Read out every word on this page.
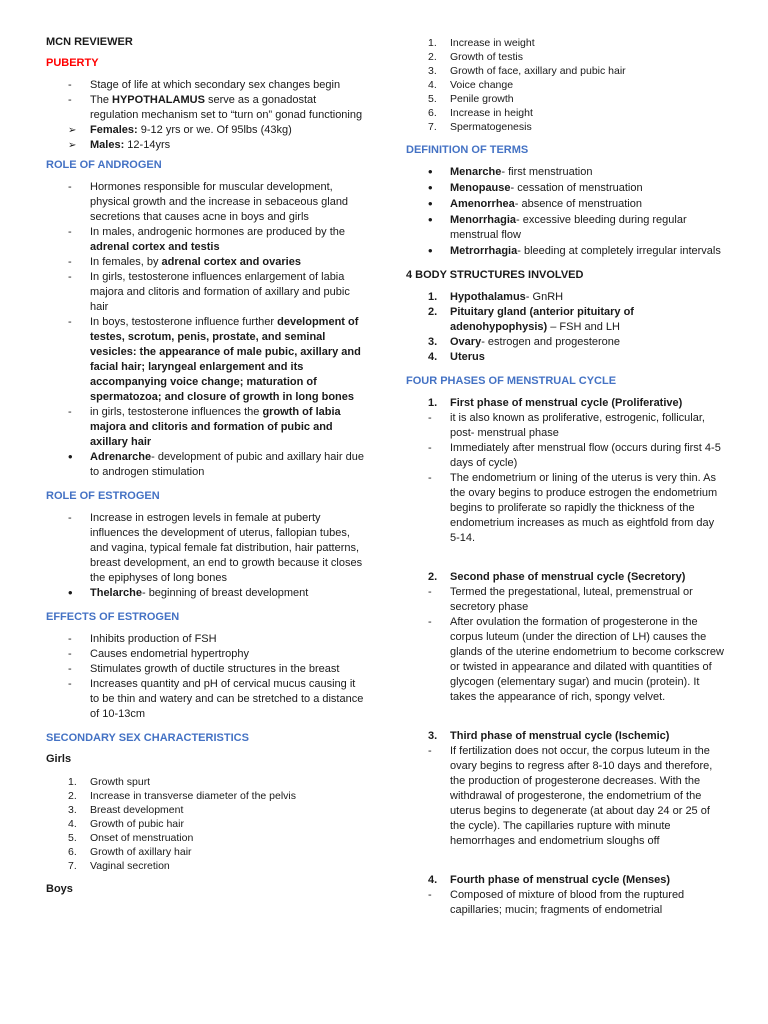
MCN REVIEWER
PUBERTY
-	Stage of life at which secondary sex changes begin
-	The HYPOTHALAMUS serve as a gonadostat regulation mechanism set to “turn on” gonad functioning
➢	Females: 9-12 yrs or we. Of 95lbs (43kg)
➢	Males: 12-14yrs
ROLE OF ANDROGEN
-	Hormones responsible for muscular development, physical growth and the increase in sebaceous gland secretions that causes acne in boys and girls
-	In males, androgenic hormones are produced by the adrenal cortex and testis
-	In females, by adrenal cortex and ovaries
-	In girls, testosterone influences enlargement of labia majora and clitoris and formation of axillary and pubic hair
-	In boys, testosterone influence further development of testes, scrotum, penis, prostate, and seminal vesicles: the appearance of male pubic, axillary and facial hair; laryngeal enlargement and its accompanying voice change; maturation of spermatozoa; and closure of growth in long bones
-	in girls, testosterone influences the growth of labia majora and clitoris and formation of pubic and axillary hair
•	Adrenarche- development of pubic and axillary hair due to androgen stimulation
ROLE OF ESTROGEN
-	Increase in estrogen levels in female at puberty influences the development of uterus, fallopian tubes, and vagina, typical female fat distribution, hair patterns, breast development, an end to growth because it closes the epiphyses of long bones
•	Thelarche- beginning of breast development
EFFECTS OF ESTROGEN
-	Inhibits production of FSH
-	Causes endometrial hypertrophy
-	Stimulates growth of ductile structures in the breast
-	Increases quantity and pH of cervical mucus causing it to be thin and watery and can be stretched to a distance of 10-13cm
SECONDARY SEX CHARACTERISTICS
Girls
1.	Growth spurt
2.	Increase in transverse diameter of the pelvis
3.	Breast development
4.	Growth of pubic hair
5.	Onset of menstruation
6.	Growth of axillary hair
7.	Vaginal secretion
Boys
1.	Increase in weight
2.	Growth of testis
3.	Growth of face, axillary and pubic hair
4.	Voice change
5.	Penile growth
6.	Increase in height
7.	Spermatogenesis
DEFINITION OF TERMS
•	Menarche- first menstruation
•	Menopause- cessation of menstruation
•	Amenorrhea- absence of menstruation
•	Menorrhagia- excessive bleeding during regular menstrual flow
•	Metrorrhagia- bleeding at completely irregular intervals
4 BODY STRUCTURES INVOLVED
1.	Hypothalamus- GnRH
2.	Pituitary gland (anterior pituitary of adenohypophysis) – FSH and LH
3.	Ovary- estrogen and progesterone
4.	Uterus
FOUR PHASES OF MENSTRUAL CYCLE
1.	First phase of menstrual cycle (Proliferative)
-	it is also known as proliferative, estrogenic, follicular, post- menstrual phase
-	Immediately after menstrual flow (occurs during first 4-5 days of cycle)
-	The endometrium or lining of the uterus is very thin. As the ovary begins to produce estrogen the endometrium begins to proliferate so rapidly the thickness of the endometrium increases as much as eightfold from day 5-14.
2.	Second phase of menstrual cycle (Secretory)
-	Termed the pregestational, luteal, premenstrual or secretory phase
-	After ovulation the formation of progesterone in the corpus luteum (under the direction of LH) causes the glands of the uterine endometrium to become corkscrew or twisted in appearance and dilated with quantities of glycogen (elementary sugar) and mucin (protein). It takes the appearance of rich, spongy velvet.
3.	Third phase of menstrual cycle (Ischemic)
-	If fertilization does not occur, the corpus luteum in the ovary begins to regress after 8-10 days and therefore, the production of progesterone decreases. With the withdrawal of progesterone, the endometrium of the uterus begins to degenerate (at about day 24 or 25 of the cycle). The capillaries rupture with minute hemorrhages and endometrium sloughs off
4.	Fourth phase of menstrual cycle (Menses)
-	Composed of mixture of blood from the ruptured capillaries; mucin; fragments of endometrial
